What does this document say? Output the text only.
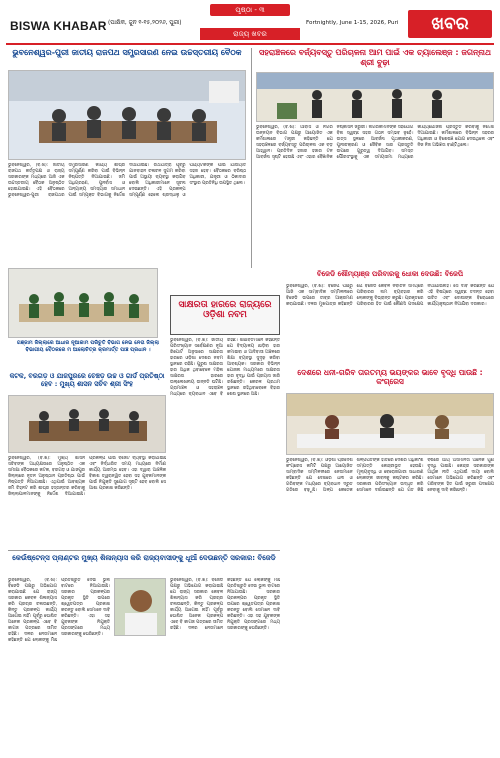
ପୃଷ୍ଠା - ୩
BISWA KHABAR (ପାକ୍ଷିକ, ଜୁନ ୧-୧୫,୨୦୨୬, ପୁରୀ)
ରାଜ୍ୟ ଖବର
Fortnightly, June 1-15, 2026, Puri	ଖବର
ଭୁବନେଶ୍ୱର-ପୁରୀ ଜାତୀୟ ରାଜପଥ ସମ୍ପ୍ରସାରଣ ନେଇ ଉଚ୍ଚସ୍ତରୀୟ ବୈଠକ
ଭୁବନେଶ୍ୱର, (ବି.ଖ): ଜାତୀୟ ରାଜପଥ କର୍ତ୍ତୃପକ୍ଷ ଓ ରାଜ୍ୟ ସରକାରଙ୍କ ମଧ୍ୟରେ ଆଜି ଏକ ଉଚ୍ଚସ୍ତରୀୟ ବୈଠକ ଅନୁଷ୍ଠିତ ହୋଇଯାଇଛି। ଏହି ବୈଠକରେ ଭୁବନେଶ୍ୱର-ପୁରୀ ରାଜପଥର ସମ୍ପ୍ରସାରଣ କାର୍ଯ୍ୟ ଶୀଘ୍ର ସମ୍ପୂର୍ଣ୍ଣ କରିବା ପାଇଁ ବିଭିନ୍ନ ନିଷ୍ପତ୍ତି ନିଆଯାଇଛି। ଜମି ଅଧିଗ୍ରହଣ, ପୁନର୍ବାସ ଓ ଅନ୍ୟାନ୍ୟ ସମସ୍ୟାର ସମାଧାନ ପାଇଁ ସମ୍ପୃକ୍ତ ବିଭାଗକୁ ନିର୍ଦ୍ଦେଶ ଦିଆଯାଇଛି। ରଥଯାତ୍ରା ପୂର୍ବରୁ ଯାନବାହନ ଚଳାଚଳ ସୁଗମ କରିବା ପାଇଁ ଅସ୍ଥାୟୀ ବ୍ୟବସ୍ଥା କରାଯିବ ବୋଲି ଅଧିକାରୀମାନେ ସୂଚନା ଦେଇଛନ୍ତି। ଏହି ପ୍ରକଳ୍ପ ସମ୍ପୂର୍ଣ୍ଣ ହେଲେ ଶ୍ରଦ୍ଧାଳୁ ଓ ପର୍ଯ୍ୟଟକଙ୍କ ପାଇଁ ଯାତାୟାତ ସହଜ ହେବ। ବୈଠକରେ ବରିଷ୍ଠ ଅଧିକାରୀ, ଯନ୍ତ୍ରୀ ଓ ଠିକାଦାର ସଂସ୍ଥାର ପ୍ରତିନିଧି ଉପସ୍ଥିତ ଥିଲେ।
ସହରାଞ୍ଚଳରେ ବର୍ଜ୍ୟବସ୍ତୁ ପରିଚାଳନା ଆମ ପାଇଁ ଏକ ଚ୍ୟାଲେଞ୍ଜ : ଜଗନ୍ନାଥ ଶ୍ରୀ ବୁଢ଼ା
ଭୁବନେଶ୍ୱର, (ବି.ଖ): ଆବାସ ଓ ନଗର ଉନ୍ନୟନ ବିଭାଗ ପକ୍ଷରୁ ଆୟୋଜିତ ଏକ କର୍ମଶାଳାରେ ମନ୍ତ୍ରୀ କହିଛନ୍ତି ଯେ ସହରାଞ୍ଚଳରେ ବର୍ଜ୍ୟବସ୍ତୁ ପରିଚାଳନା ଏକ ବଡ଼ ଆହ୍ୱାନ। ପ୍ରତିଦିନ ହଜାର ହଜାର ଟନ ଆବର୍ଜନା ସୃଷ୍ଟି ହେଉଛି ଏବଂ ଏହାର ବୈଜ୍ଞାନିକ ନିଷ୍କାସନ ଜରୁରୀ। ନାଗରିକମାନଙ୍କ ସହଯୋଗ ବିନା ସ୍ୱଚ୍ଛ ସହର ଗଠନ ସମ୍ଭବ ନୁହେଁ। ଉତ୍ସ ସ୍ଥଳରେ ଆବର୍ଜନା ପୃଥକୀକରଣ, ପୁନଃଚକ୍ରଣ ଓ ଜୈବିକ ସାର ପ୍ରସ୍ତୁତି ଉପରେ ଗୁରୁତ୍ୱ ଦିଆଯିବ। ସମସ୍ତ ପୌରସଂସ୍ଥାକୁ ଏକ ସମୟସୀମା ମଧ୍ୟରେ କାର୍ଯ୍ୟଯୋଜନା ପ୍ରସ୍ତୁତ କରିବାକୁ ନିର୍ଦ୍ଦେଶ ଦିଆଯାଇଛି। କର୍ମଶାଳାରେ ବିଭିନ୍ନ ସହରର ଅଧିକାରୀ ଓ ବିଶେଷଜ୍ଞ ଯୋଗ ଦେଇଥିଲେ ଏବଂ ନିଜ ନିଜ ଅଭିଜ୍ଞତା ବାଣ୍ଟିଥିଲେ।
ଗଞ୍ଜାମ ଜିଲ୍ଲାରେ ଆଧାର ନୂଆକାମ ପରିଚୁତି ବିଭାଗ ନେଇ ନେତା ଜିଲ୍ଲା ବିଭାଗୀୟ ବୈଠକରେ ମ ଆଲୋଚିତ୍ର କ୍ରମାର୍ତ୍ତ ପାଞ୍ଚ ପ୍ରଧାନ ।
ସାକ୍ଷରତା ହାରରେ ରାଜ୍ୟରେ ଓଡ଼ିଶା ନବମ
ଭୁବନେଶ୍ୱର, (ବି.ଖ): ଜାତୀୟ ପରିସଂଖ୍ୟାନ ସର୍ବେକ୍ଷଣର ନୂଆ ରିପୋର୍ଟ ଅନୁସାରେ ସାକ୍ଷରତା ହାରରେ ଓଡ଼ିଶା ଦେଶର ନବମ ସ୍ଥାନରେ ରହିଛି। ପୁରୁଷ ସାକ୍ଷରତା ହାର ଅଧିକ ଥିବାବେଳେ ମହିଳା ସାକ୍ଷରତା ହାରରେ ଉଲ୍ଲେଖନୀୟ ଉନ୍ନତି ଘଟିଛି। ଗ୍ରାମାଞ୍ଚଳ ଓ ସହରାଞ୍ଚଳ ମଧ୍ୟରେ ବ୍ୟବଧାନ ଏବେ ବି ରହିଛି। ଶିକ୍ଷାବିତମାନେ କହିଛନ୍ତି ଯେ ବିଦ୍ୟାଳୟ ଛାଡ଼ିବା ହାର କମାଇବା ଓ ଆଦିବାସୀ ଅଞ୍ଚଳରେ ଶିକ୍ଷା ବ୍ୟବସ୍ଥା ସୁଦୃଢ଼ କରିବା ଆବଶ୍ୟକ। ସରକାର ବିଭିନ୍ନ ଯୋଜନା ମାଧ୍ୟମରେ ସାକ୍ଷରତା ହାର ବୃଦ୍ଧି ପାଇଁ ପ୍ରୟାସ ଜାରି ରଖିଛନ୍ତି। କେରଳ ପ୍ରଥମ ସ୍ଥାନରେ ରହିଥିବାବେଳେ ବିହାର ଶେଷ ସ୍ଥାନରେ ଅଛି।
ବିଜେଡି ଶୌମ୍ୟାଞ୍ଜ ପରିବାରକୁ ଧୋକା ଦେଉଛି: ବିଜେପି
ଭୁବନେଶ୍ୱର, (ବି.ଖ): ବିଜେପି ପକ୍ଷରୁ ଆଜି ଏକ ସାମ୍ବାଦିକ ସମ୍ମିଳନୀରେ ବିଜେଡି ଉପରେ ତୀବ୍ର ଆକ୍ରମଣ କରାଯାଇଛି। ଦଳର ମୁଖପାତ୍ର କହିଛନ୍ତି ଯେ ବିଜେଡି କେବଳ ନିର୍ବାଚନ ସମୟରେ ପରିବାରର ନାମ ବ୍ୟବହାର କରି ଲୋକଙ୍କୁ ବିଭ୍ରାନ୍ତ କରୁଛି। ପ୍ରକୃତରେ ପରିବାରର ହିତ ପାଇଁ କୌଣସି ପଦକ୍ଷେପ ନିଆଯାଇନାହିଁ। ସେ ଦାବି କରିଛନ୍ତି ଯେ ଏହି ବିଷୟରେ ସ୍ୱଚ୍ଛ ତଦନ୍ତ ହେବା ଉଚିତ ଏବଂ ଦୋଷୀଙ୍କ ବିରୋଧରେ କାର୍ଯ୍ୟାନୁଷ୍ଠାନ ନିଆଯିବା ଦରକାର।
କଟକ, ବରଗଡ଼ ଓ ଯାଜପୁରରେ ଚେଞ୍ଚଡ଼ ଉଚ୍ଚ ଓ ଗାର୍ଡ ପ୍ରତିଷ୍ଠା ହେବ : ମୁଖ୍ୟ ଶାସନ ସଚିବ ଶ୍ରୀ ସିଂହ
ଭୁବନେଶ୍ୱର, (ବି.ଖ): ମୁଖ୍ୟ ଶାସନ ସଚିବଙ୍କ ଅଧ୍ୟକ୍ଷତାରେ ଅନୁଷ୍ଠିତ ଏକ ସମୀକ୍ଷା ବୈଠକରେ କଟକ, ବରଗଡ଼ ଓ ଯାଜପୁର ଜିଲ୍ଲାରେ ନୂତନ ଅନୁଷ୍ଠାନ ପ୍ରତିଷ୍ଠା ପାଇଁ ନିଷ୍ପତ୍ତି ନିଆଯାଇଛି। ଏଥିପାଇଁ ଆବଶ୍ୟକ ଜମି ଚିହ୍ନଟ କରି ଶୀଘ୍ର ହସ୍ତାନ୍ତର କରିବାକୁ ଜିଲ୍ଲାପାଳମାନଙ୍କୁ ନିର୍ଦ୍ଦେଶ ଦିଆଯାଇଛି। ପ୍ରକଳ୍ପ ପାଇଁ ବଜେଟ ବ୍ୟବସ୍ଥା କରାଯାଇଛି ଏବଂ ନିର୍ଦ୍ଧାରିତ ସମୟ ମଧ୍ୟରେ ନିର୍ମାଣ କାର୍ଯ୍ୟ ଆରମ୍ଭ ହେବ। ଏହା ଦ୍ୱାରା ଆଞ୍ଚଳିକ ବିକାଶ ତ୍ୱରାନ୍ୱିତ ହେବା ସହ ଯୁବକମାନଙ୍କ ପାଇଁ ନିଯୁକ୍ତି ସୁଯୋଗ ସୃଷ୍ଟି ହେବ ବୋଲି ସେ ଆଶା ପ୍ରକାଶ କରିଛନ୍ତି।
ଦେଶରେ ଧନୀ-ଗରିବ ତାରତମ୍ୟ ଭୟଙ୍କର ଭାବେ ବୃଦ୍ଧି ପାଉଛି : କଂଗ୍ରେସ
ଭୁବନେଶ୍ୱର, (ବି.ଖ): ଓଡ଼ିଶା ପ୍ରଦେଶ କଂଗ୍ରେସ କମିଟି ପକ୍ଷରୁ ଆୟୋଜିତ ସାମ୍ବାଦିକ ସମ୍ମିଳନୀରେ ନେତାମାନେ କହିଛନ୍ତି ଯେ ଦେଶରେ ଧନୀ ଓ ଗରିବଙ୍କ ମଧ୍ୟରେ ବ୍ୟବଧାନ ଦ୍ରୁତ ଗତିରେ ବଢ଼ୁଛି। ଅଳ୍ପ କେତେକ ଶିଳ୍ପପତିଙ୍କ ହାତରେ ଦେଶର ଅଧିକାଂଶ ସମ୍ପତ୍ତି କେନ୍ଦ୍ରୀଭୂତ ହେଉଛି। ମୂଲ୍ୟବୃଦ୍ଧି ଓ ବେରୋଜଗାରୀ ସାଧାରଣ ଲୋକଙ୍କ ଜୀବନକୁ କଷ୍ଟକର କରିଛି। ସରକାରୀ ପରିସଂଖ୍ୟାନ ଉଦ୍ଧୃତ କରି ସେମାନେ ଦର୍ଶାଇଛନ୍ତି ଯେ ଗତ କିଛି ବର୍ଷରେ ଆୟ ଅସମାନତା ଅନେକ ଗୁଣ ବୃଦ୍ଧି ପାଇଛି। କେନ୍ଦ୍ର ସରକାରଙ୍କ ଆର୍ଥିକ ନୀତି ଏଥିପାଇଁ ଦାୟୀ ବୋଲି ସେମାନେ ଅଭିଯୋଗ କରିଛନ୍ତି ଏବଂ ଗରିବଙ୍କ ହିତ ପାଇଁ ଜରୁରୀ ପଦକ୍ଷେପ ନେବାକୁ ଦାବି କରିଛନ୍ତି।
କେଉଁଷ୍ଟେନ୍ସ ପ୍ଲାଣ୍ଟର ମୁଖ୍ୟ ଶିଳାନ୍ୟାସ କରି ରାଜ୍ୟବାସୀଙ୍କୁ ଧୂଆଁ ଦେଉଛନ୍ତି ସରକାର: ବିଜେଡି
ଭୁବନେଶ୍ୱର, (ବି.ଖ): ବିଜେଡି ପକ୍ଷରୁ ଅଭିଯୋଗ କରାଯାଇଛି ଯେ ରାଜ୍ୟ ସରକାର କେବଳ ଶିଳାନ୍ୟାସ କରି ପ୍ରଚାର ଚଳାଉଛନ୍ତି, କିନ୍ତୁ ପ୍ରକଳ୍ପ କାର୍ଯ୍ୟ ଆଗେଇ ନାହିଁ। ପୂର୍ବରୁ ଘୋଷିତ ଅନେକ ପ୍ରକଳ୍ପ ଏବେ ବି କାଗଜ ପତ୍ରରେ ସୀମିତ ରହିଛି। ଦଳର ନେତାମାନେ କହିଛନ୍ତି ଯେ ଲୋକଙ୍କୁ ମିଛ ପ୍ରତିଶ୍ରୁତି ଦେଇ ଭୁଲ ବାଟରେ ନିଆଯାଉଛି। ସରକାର ପ୍ରକଳ୍ପର ପ୍ରକୃତ ସ୍ଥିତି ଉପରେ ଶ୍ୱେତପତ୍ର ପ୍ରକାଶ କରନ୍ତୁ ବୋଲି ସେମାନେ ଦାବି କରିଛନ୍ତି। ଏହା ସହ ଯୁବକଙ୍କ ନିଯୁକ୍ତି ପ୍ରସଙ୍ଗରେ ମଧ୍ୟ ସରକାରଙ୍କୁ ଘେରିଛନ୍ତି।
ଭୁବନେଶ୍ୱର, (ବି.ଖ): ବିଜେଡି ପକ୍ଷରୁ ଅଭିଯୋଗ କରାଯାଇଛି ଯେ ରାଜ୍ୟ ସରକାର କେବଳ ଶିଳାନ୍ୟାସ କରି ପ୍ରଚାର ଚଳାଉଛନ୍ତି, କିନ୍ତୁ ପ୍ରକଳ୍ପ କାର୍ଯ୍ୟ ଆଗେଇ ନାହିଁ। ପୂର୍ବରୁ ଘୋଷିତ ଅନେକ ପ୍ରକଳ୍ପ ଏବେ ବି କାଗଜ ପତ୍ରରେ ସୀମିତ ରହିଛି। ଦଳର ନେତାମାନେ କହିଛନ୍ତି ଯେ ଲୋକଙ୍କୁ ମିଛ ପ୍ରତିଶ୍ରୁତି ଦେଇ ଭୁଲ ବାଟରେ ନିଆଯାଉଛି। ସରକାର ପ୍ରକଳ୍ପର ପ୍ରକୃତ ସ୍ଥିତି ଉପରେ ଶ୍ୱେତପତ୍ର ପ୍ରକାଶ କରନ୍ତୁ ବୋଲି ସେମାନେ ଦାବି କରିଛନ୍ତି। ଏହା ସହ ଯୁବକଙ୍କ ନିଯୁକ୍ତି ପ୍ରସଙ୍ଗରେ ମଧ୍ୟ ସରକାରଙ୍କୁ ଘେରିଛନ୍ତି।
